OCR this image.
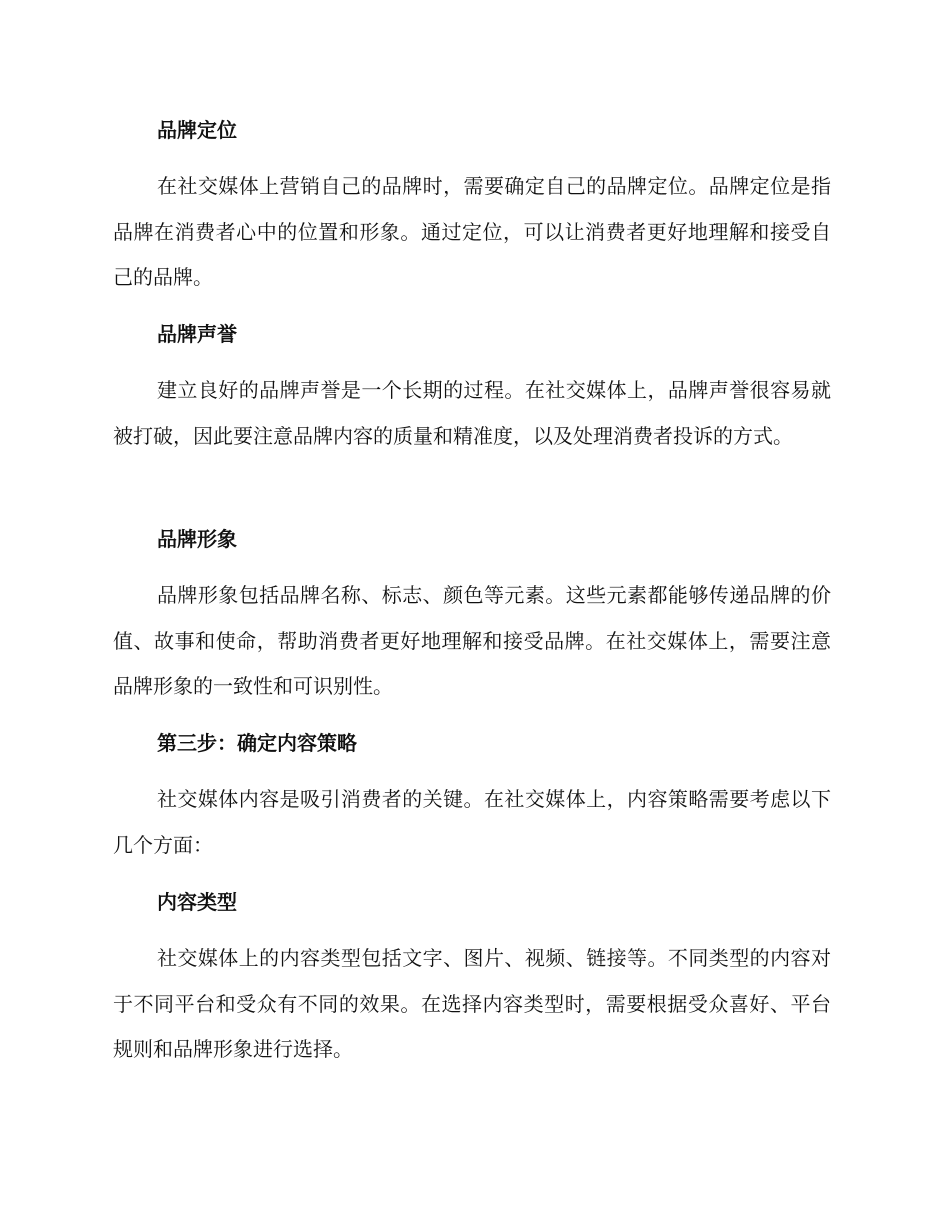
品牌定位

在社交媒体上营销自己的品牌时，需要确定自己的品牌定位。品牌定位是指品牌在消费者心中的位置和形象。通过定位，可以让消费者更好地理解和接受自己的品牌。

品牌声誉

建立良好的品牌声誉是一个长期的过程。在社交媒体上，品牌声誉很容易就被打破，因此要注意品牌内容的质量和精准度，以及处理消费者投诉的方式。

品牌形象

品牌形象包括品牌名称、标志、颜色等元素。这些元素都能够传递品牌的价值、故事和使命，帮助消费者更好地理解和接受品牌。在社交媒体上，需要注意品牌形象的一致性和可识别性。

第三步：确定内容策略

社交媒体内容是吸引消费者的关键。在社交媒体上，内容策略需要考虑以下几个方面：

内容类型

社交媒体上的内容类型包括文字、图片、视频、链接等。不同类型的内容对于不同平台和受众有不同的效果。在选择内容类型时，需要根据受众喜好、平台规则和品牌形象进行选择。
